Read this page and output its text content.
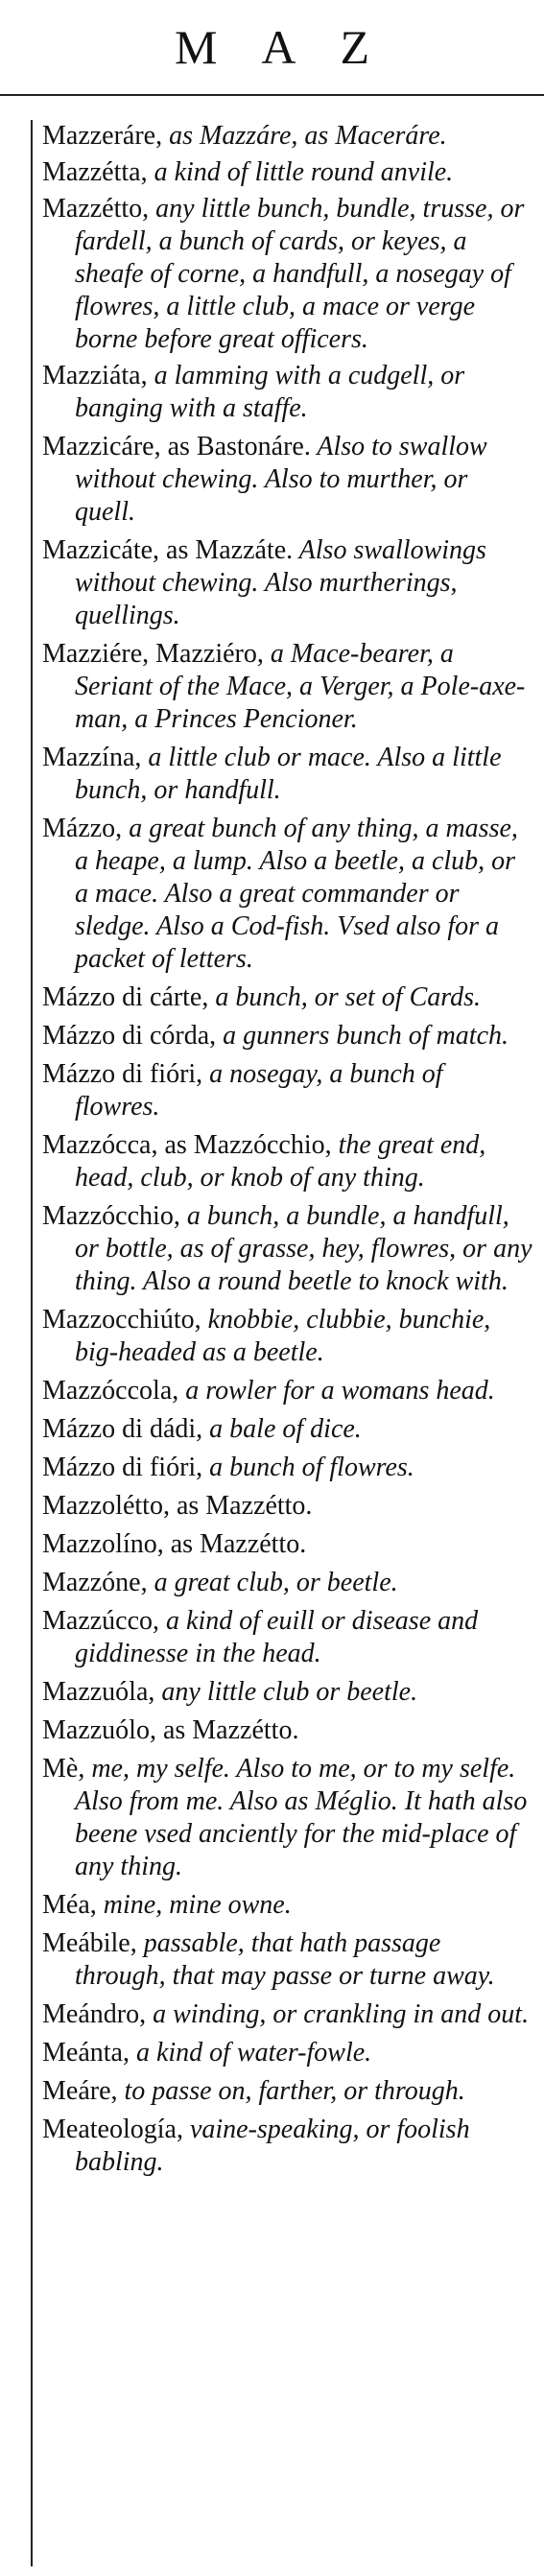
MAZ
Mazzeráre, as Mazzáre, as Maceráre.
Mazzétta, a kind of little round anvile.
Mazzétto, any little bunch, bundle, trusse, or fardell, a bunch of cards, or keyes, a sheafe of corne, a handfull, a nosegay of flowres, a little club, a mace or verge borne before great officers.
Mazziáta, a lamming with a cudgell, or banging with a staffe.
Mazzicáre, as Bastonáre. Also to swallow without chewing. Also to murther, or quell.
Mazzicáte, as Mazzáte. Also swallowings without chewing. Also murtherings, quellings.
Mazziére, Mazziéro, a Mace-bearer, a Seriant of the Mace, a Verger, a Pole-axe-man, a Princes Pencioner.
Mazzína, a little club or mace. Also a little bunch, or handfull.
Mázzo, a great bunch of any thing, a masse, a heape, a lump. Also a beetle, a club, or a mace. Also a great commander or sledge. Also a Cod-fish. Vsed also for a packet of letters.
Mázzo di cárte, a bunch, or set of Cards.
Mázzo di córda, a gunners bunch of match.
Mázzo di fióri, a nosegay, a bunch of flowres.
Mazzócca, as Mazzócchio, the great end, head, club, or knob of any thing.
Mazzócchio, a bunch, a bundle, a handfull, or bottle, as of grasse, hey, flowres, or any thing. Also a round beetle to knock with.
Mazzocchiúto, knobbie, clubbie, bunchie, big-headed as a beetle.
Mazzóccola, a rowler for a womans head.
Mázzo di dádi, a bale of dice.
Mázzo di fióri, a bunch of flowres.
Mazzolétto, as Mazzétto.
Mazzolíno, as Mazzétto.
Mazzóne, a great club, or beetle.
Mazzúcco, a kind of euill or disease and giddinesse in the head.
Mazzuóla, any little club or beetle.
Mazzuólo, as Mazzétto.
Mè, me, my selfe. Also to me, or to my selfe. Also from me. Also as Méglio. It hath also beene vsed anciently for the mid-place of any thing.
Méa, mine, mine owne.
Meábile, passable, that hath passage through, that may passe or turne away.
Meándro, a winding, or crankling in and out.
Meánta, a kind of water-fowle.
Meáre, to passe on, farther, or through.
Meateología, vaine-speaking, or foolish babling.
